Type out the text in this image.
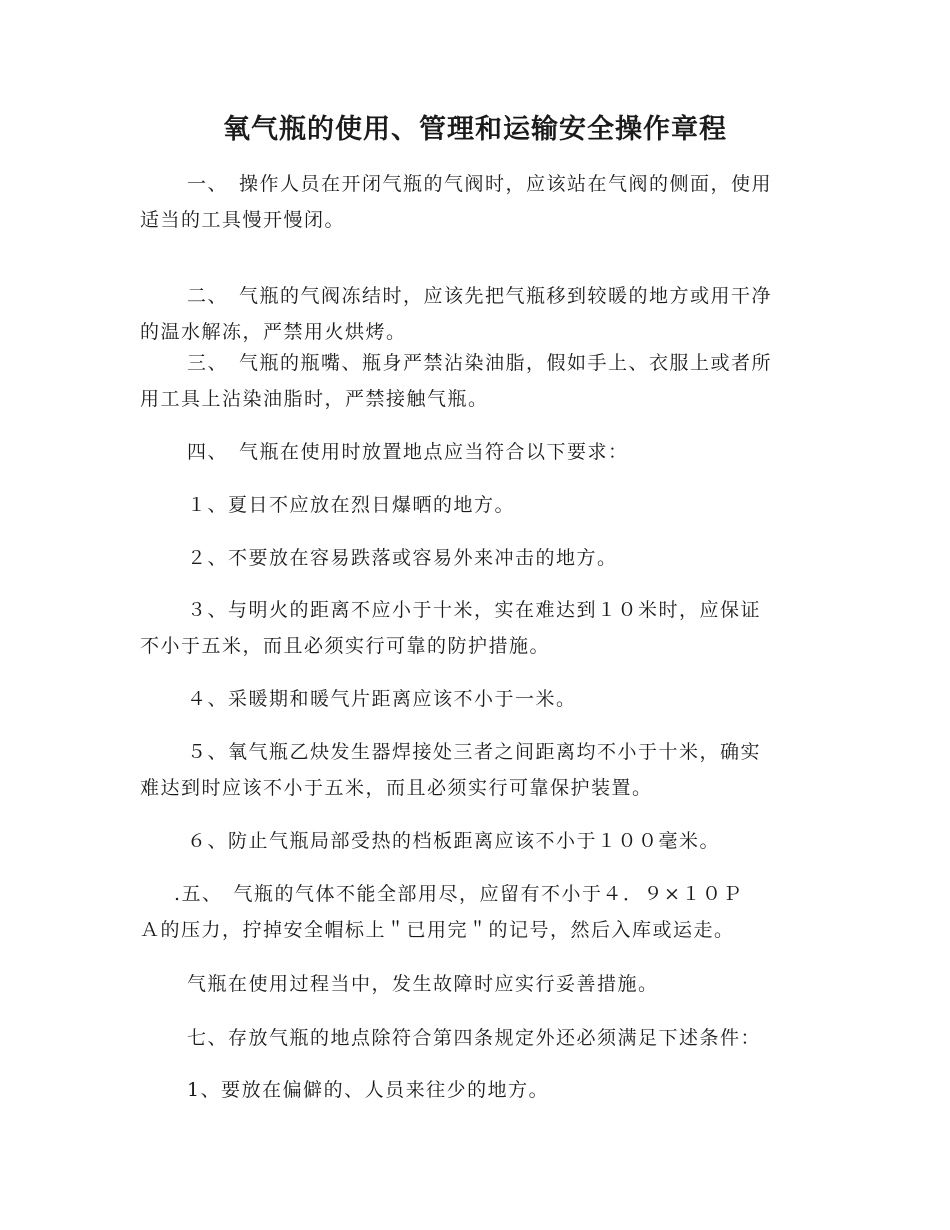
氧气瓶的使用、管理和运输安全操作章程
一、　操作人员在开闭气瓶的气阀时，应该站在气阀的侧面，使用
适当的工具慢开慢闭。
二、　气瓶的气阀冻结时，应该先把气瓶移到较暖的地方或用干净
的温水解冻，严禁用火烘烤。
三、　气瓶的瓶嘴、瓶身严禁沾染油脂，假如手上、衣服上或者所
用工具上沾染油脂时，严禁接触气瓶。
四、　气瓶在使用时放置地点应当符合以下要求：
１、夏日不应放在烈日爆晒的地方。
２、不要放在容易跌落或容易外来冲击的地方。
３、与明火的距离不应小于十米，实在难达到１０米时，应保证
不小于五米，而且必须实行可靠的防护措施。
４、采暖期和暖气片距离应该不小于一米。
５、氧气瓶乙炔发生器焊接处三者之间距离均不小于十米，确实
难达到时应该不小于五米，而且必须实行可靠保护装置。
６、防止气瓶局部受热的档板距离应该不小于１００毫米。
.五、　气瓶的气体不能全部用尽，应留有不小于４．９×１０Ｐ
Ａ的压力，拧掉安全帽标上＂已用完＂的记号，然后入库或运走。
气瓶在使用过程当中，发生故障时应实行妥善措施。
七、存放气瓶的地点除符合第四条规定外还必须满足下述条件：
1、要放在偏僻的、人员来往少的地方。
